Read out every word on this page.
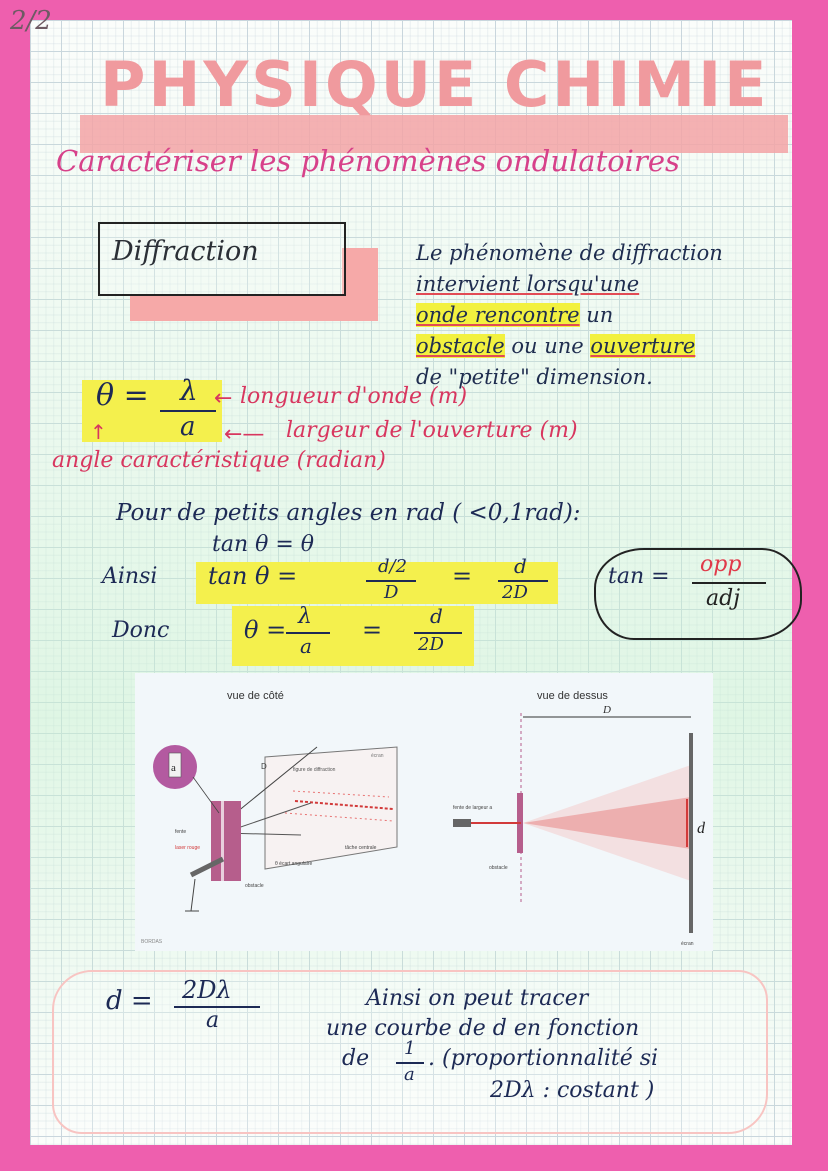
2/2
PHYSIQUE CHIMIE
Caractériser les phénomènes ondulatoires
Diffraction	Le phénomène de diffraction
intervient lorsqu'une
onde rencontre un
obstacle ou une ouverture
de "petite" dimension.
θ = λ
a
← longueur d'onde (m)
←— largeur de l'ouverture (m)
↑
angle caractéristique (radian)
Pour de petits angles en rad ( <0,1rad):
tan θ = θ
Ainsi tan θ =	d/2
D
= d
2D
tan = opp
adj
Donc	θ = λ
a
= d
2D
vue de côté
écran
D	figure de diffraction
a
fente
laser rouge
θ écart angulaire
tâche centrale
obstacle
BORDAS
vue de dessus
D
d
fente de largeur a
obstacle
écran
d = 2Dλ
a
Ainsi on peut tracer
une courbe de d en fonction
de 1
a
. (proportionnalité si
2Dλ : costant )
